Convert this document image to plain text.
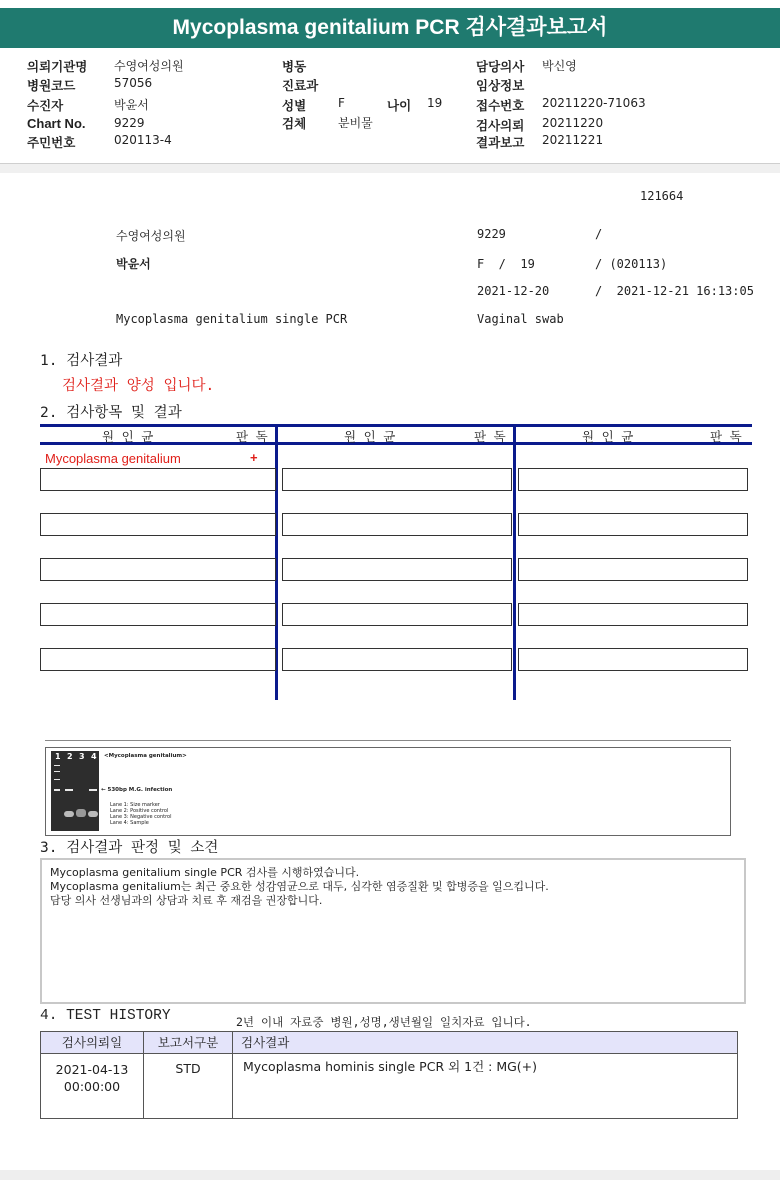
Mycoplasma genitalium PCR 검사결과보고서
의뢰기관명 수영여성의원
병원코드	57056
수진자	박윤서
Chart No. 9229
주민번호	020113-4
병동
진료과
성별	F	나이 19
검체	분비물
담당의사 박신영
임상정보
접수번호 20211220-71063
검사의뢰 20211220
결과보고 20211221
121664
수영여성의원	9229	/
박윤서	F  /  19	/ (020113)
2021-12-20	/  2021-12-21 16:13:05
Mycoplasma genitalium single PCR	Vaginal swab
1. 검사결과
검사결과 양성 입니다.
2. 검사항목 및 결과
원 인 균	판 독	원 인 균	판 독	원 인 균	판 독
Mycoplasma genitalium	+
1 2 3 4 <Mycoplasma genitalium>
← 530bp M.G. infection
Lane 1: Size marker
Lane 2: Positive control
Lane 3: Negative control
Lane 4: Sample
3. 검사결과 판정 및 소견
Mycoplasma genitalium single PCR 검사를 시행하였습니다.
Mycoplasma genitalium는 최근 중요한 성감염균으로 대두, 심각한 염증질환 및 합병증을 일으킵니다.
담당 의사 선생님과의 상담과 치료 후 재검을 권장합니다.
4. TEST HISTORY	2년 이내 자료중 병원,성명,생년월일 일치자료 입니다.
검사의뢰일	보고서구분	검사결과

2021-04-13
00:00:00	STD	Mycoplasma hominis single PCR 외 1건 : MG(+)
